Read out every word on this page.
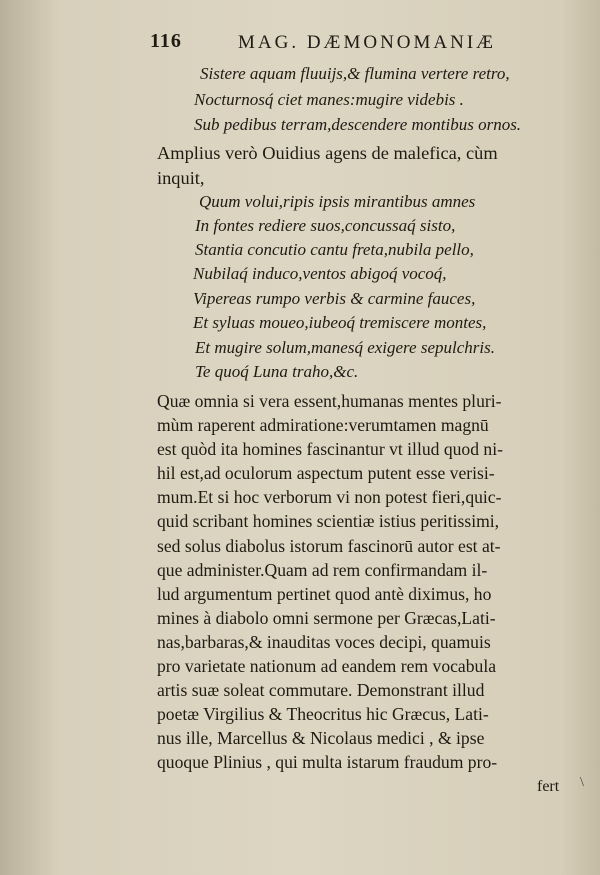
116	MAG. DÆMONOMANIÆ
Sistere aquam fluuijs,& flumina vertere retro,
Nocturnosq́ ciet manes:mugire videbis .
Sub pedibus terram,descendere montibus ornos.
Amplius verò Ouidius agens de malefica, cùm
inquit,
Quum volui,ripis ipsis mirantibus amnes
In fontes rediere suos,concussaq́ sisto,
Stantia concutio cantu freta,nubila pello,
Nubilaq́ induco,ventos abigoq́ vocoq́,
Vipereas rumpo verbis & carmine fauces,
Et syluas moueo,iubeoq́ tremiscere montes,
Et mugire solum,manesq́ exigere sepulchris.
Te quoq́ Luna traho,&c.
Quæ omnia si vera essent,humanas mentes pluri-
mùm raperent admiratione:verumtamen magnū
est quòd ita homines fascinantur vt illud quod ni-
hil est,ad oculorum aspectum putent esse verisi-
mum.Et si hoc verborum vi non potest fieri,quic-
quid scribant homines scientiæ istius peritissimi,
sed solus diabolus istorum fascinorū autor est at-
que administer.Quam ad rem confirmandam il-
lud argumentum pertinet quod antè diximus, ho
mines à diabolo omni sermone per Græcas,Lati-
nas,barbaras,& inauditas voces decipi, quamuis
pro varietate nationum ad eandem rem vocabula
artis suæ soleat commutare. Demonstrant illud
poetæ Virgilius & Theocritus hic Græcus, Lati-
nus ille, Marcellus & Nicolaus medici , & ipse
quoque Plinius , qui multa istarum fraudum pro-
fert \
